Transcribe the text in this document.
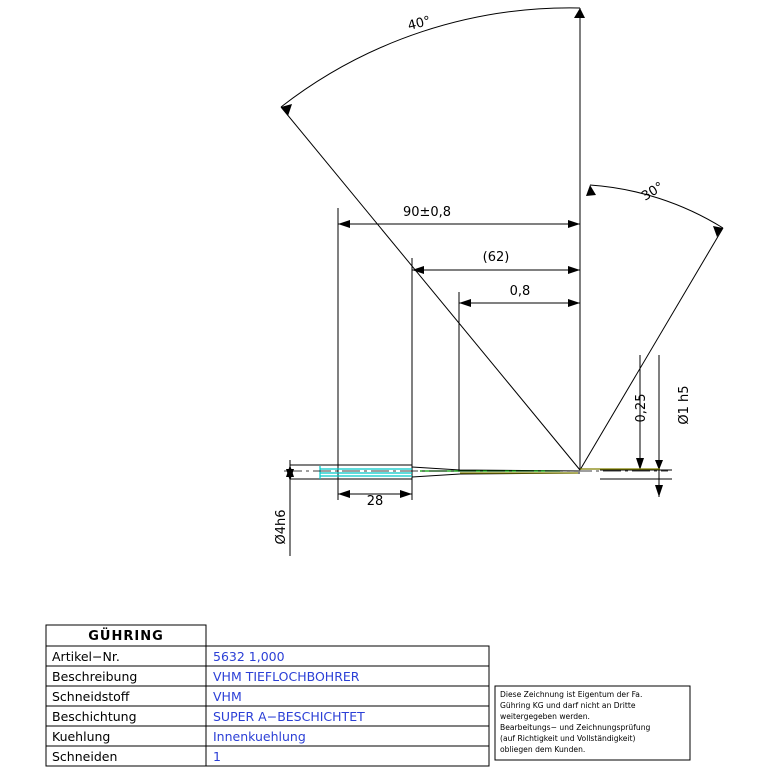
40°
30°
90±0,8
(62)
0,8
28
0,25 Ø1 h5
Ø4h6
GÜHRING
Artikel−Nr.	5632 1,000
Beschreibung	VHM TIEFLOCHBOHRER
Schneidstoff	VHM
Beschichtung	SUPER A−BESCHICHTET
Kuehlung	Innenkuehlung
Schneiden	1
Diese Zeichnung ist Eigentum der Fa.
Gühring KG und darf nicht an Dritte
weitergegeben werden.
Bearbeitungs− und Zeichnungsprüfung
(auf Richtigkeit und Vollständigkeit)
obliegen dem Kunden.
